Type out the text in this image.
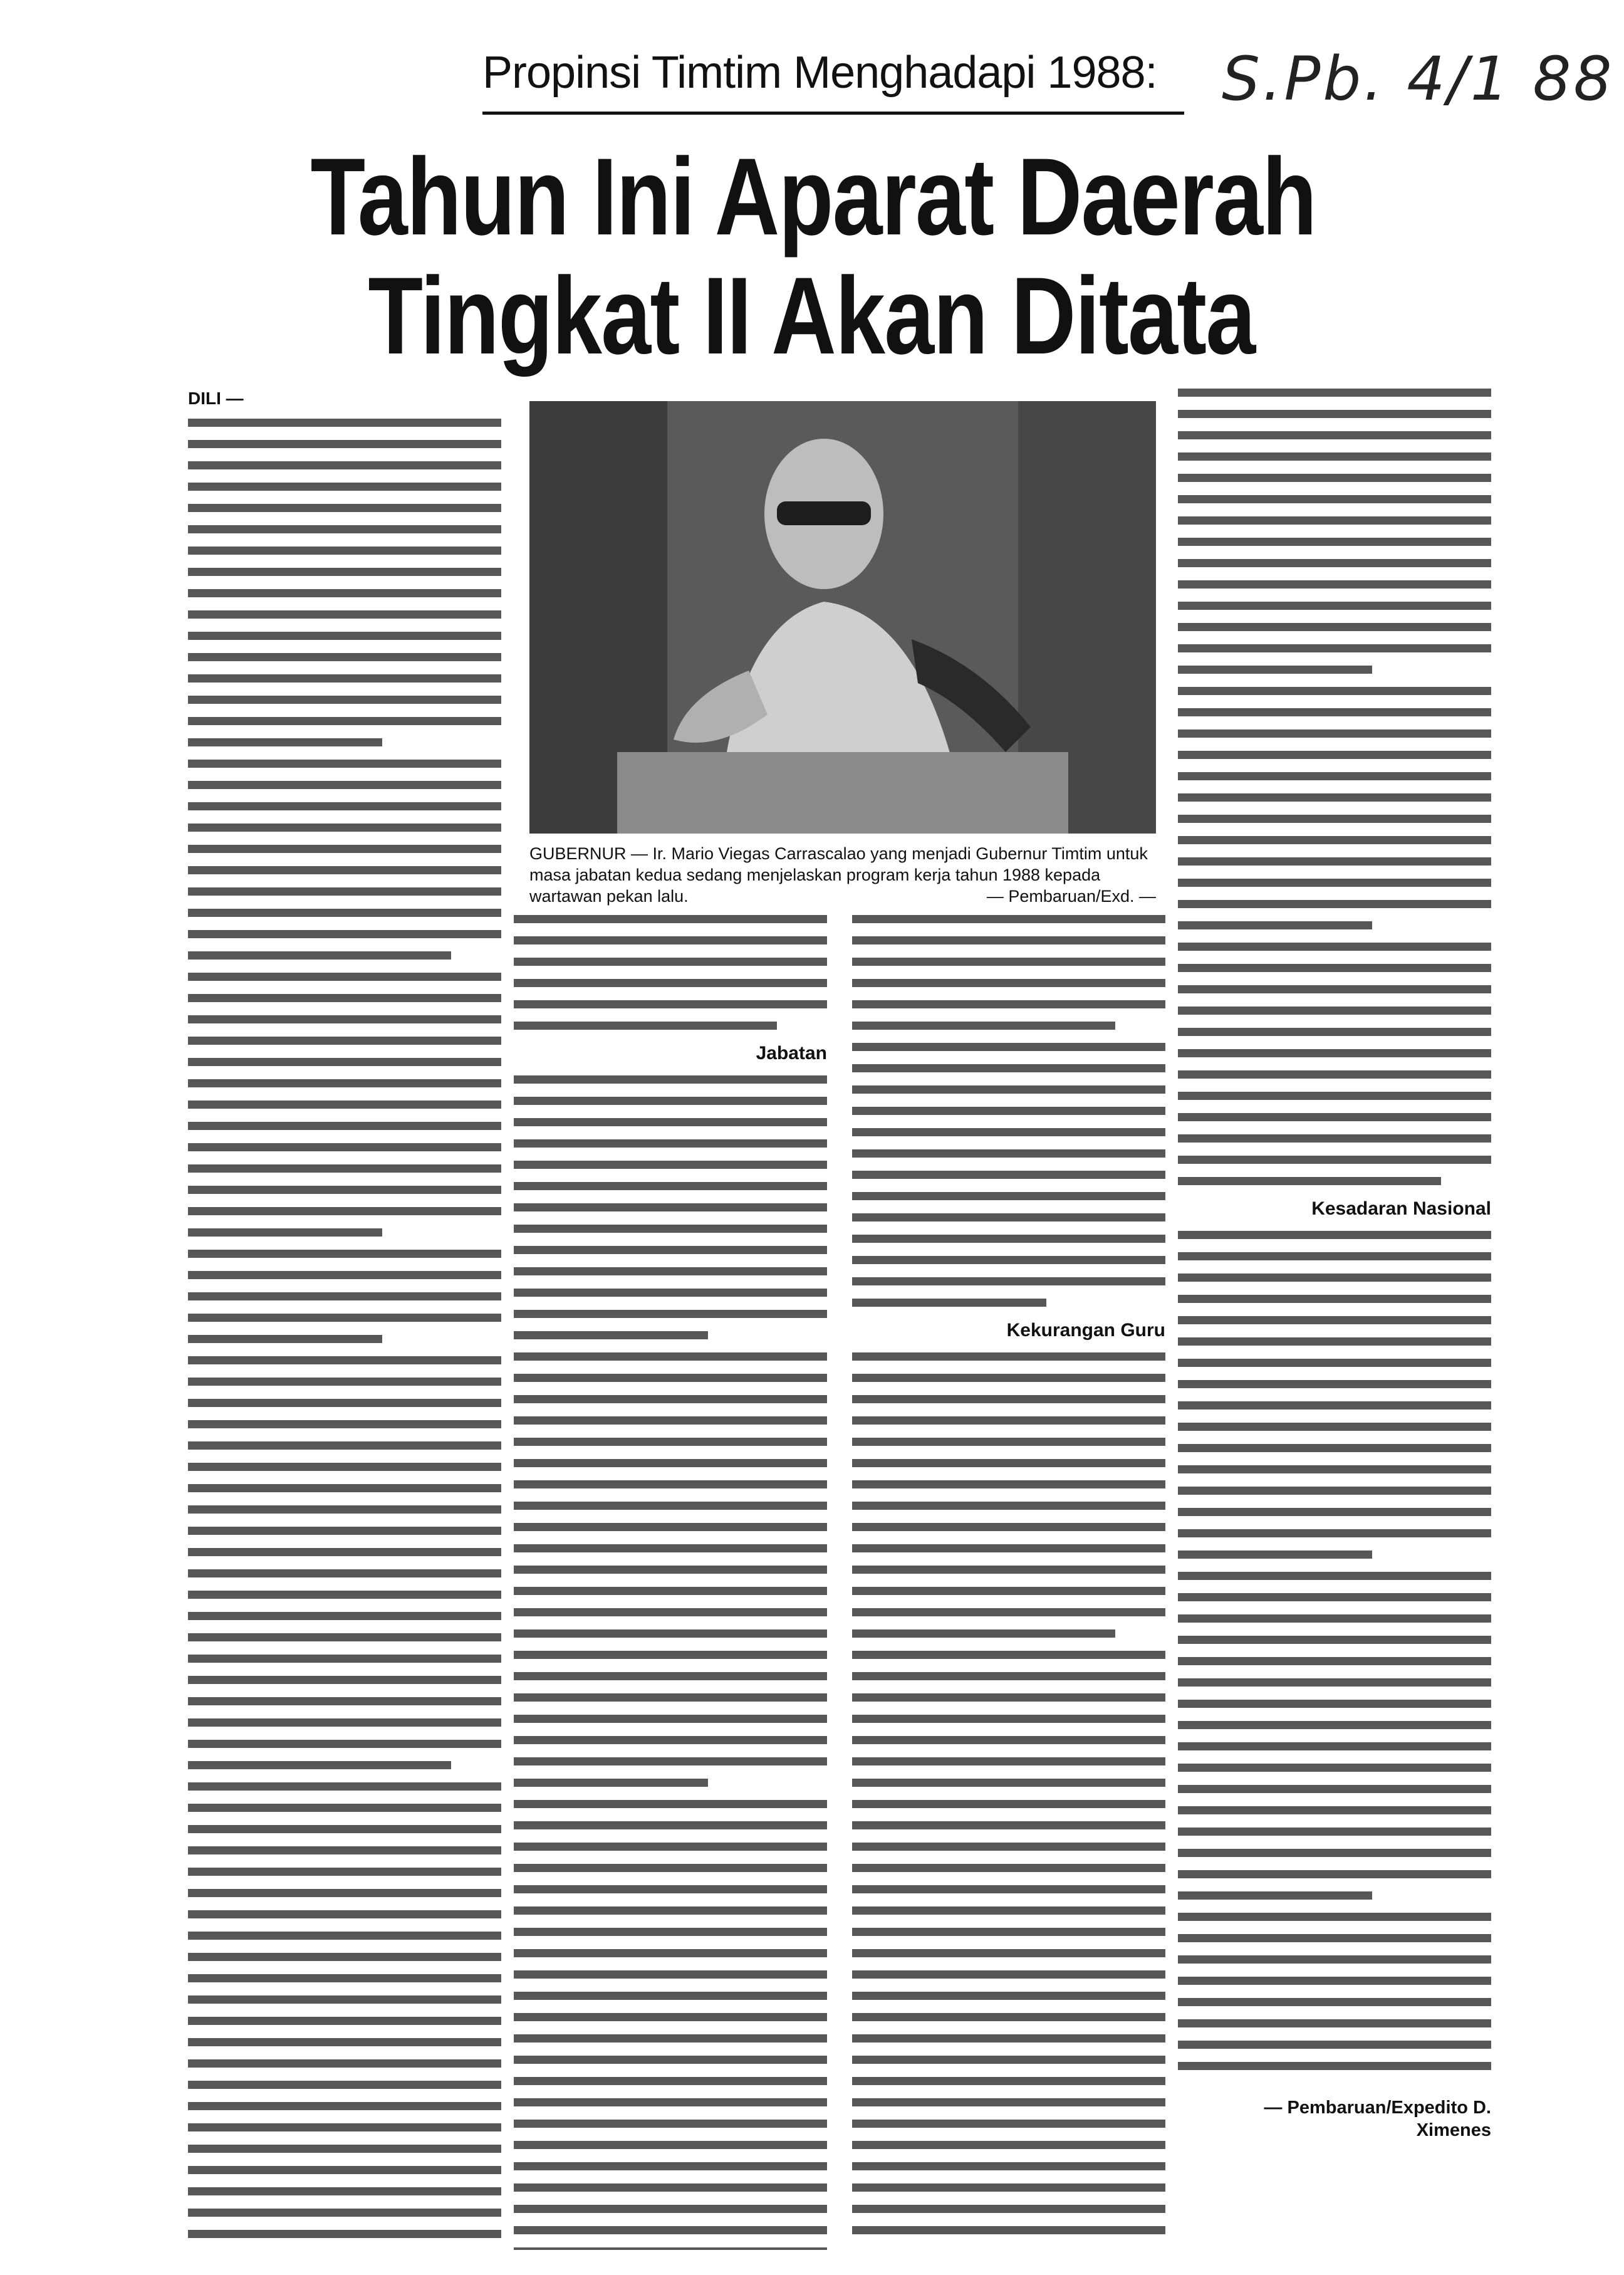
Propinsi Timtim Menghadapi 1988:	S.Pb. 4/1 88
Tahun Ini Aparat Daerah
Tingkat II Akan Ditata
GUBERNUR — Ir. Mario Viegas Carrascalao yang menjadi Gubernur Timtim untuk masa jabatan kedua sedang menjelaskan program kerja tahun 1988 kepada wartawan pekan lalu.	— Pembaruan/Exd. —
DILI —
Jabatan
Kekurangan Guru
Kesadaran Nasional
— Pembaruan/Expedito D. Ximenes
